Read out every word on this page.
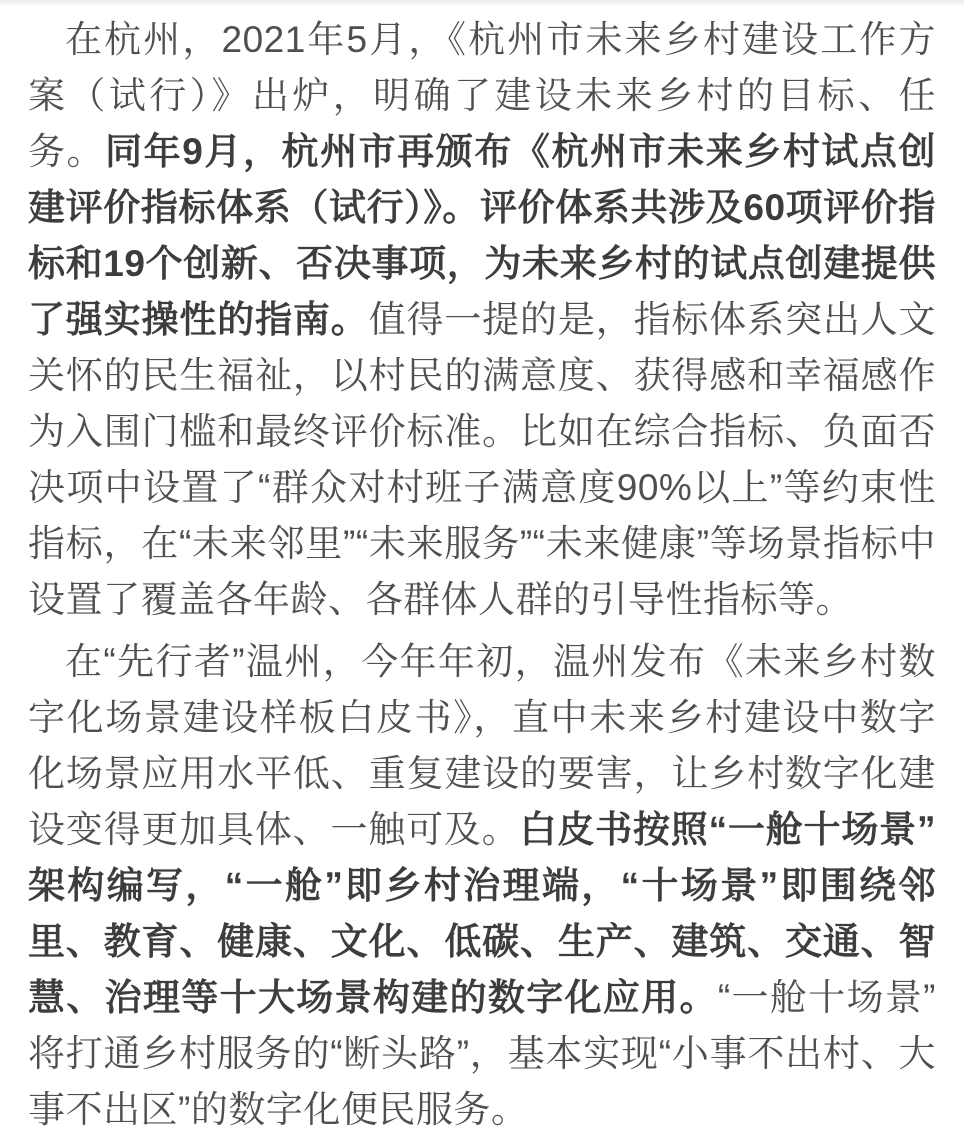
在杭州，2021年5月，《杭州市未来乡村建设工作方案（试行）》出炉，明确了建设未来乡村的目标、任务。同年9月，杭州市再颁布《杭州市未来乡村试点创建评价指标体系（试行）》。评价体系共涉及60项评价指标和19个创新、否决事项，为未来乡村的试点创建提供了强实操性的指南。值得一提的是，指标体系突出人文关怀的民生福祉，以村民的满意度、获得感和幸福感作为入围门槛和最终评价标准。比如在综合指标、负面否决项中设置了“群众对村班子满意度90%以上”等约束性指标，在“未来邻里”“未来服务”“未来健康”等场景指标中设置了覆盖各年龄、各群体人群的引导性指标等。

在“先行者”温州，今年年初，温州发布《未来乡村数字化场景建设样板白皮书》，直中未来乡村建设中数字化场景应用水平低、重复建设的要害，让乡村数字化建设变得更加具体、一触可及。白皮书按照“一舱十场景”架构编写，“一舱”即乡村治理端，“十场景”即围绕邻里、教育、健康、文化、低碳、生产、建筑、交通、智慧、治理等十大场景构建的数字化应用。“一舱十场景”将打通乡村服务的“断头路”，基本实现“小事不出村、大事不出区”的数字化便民服务。
